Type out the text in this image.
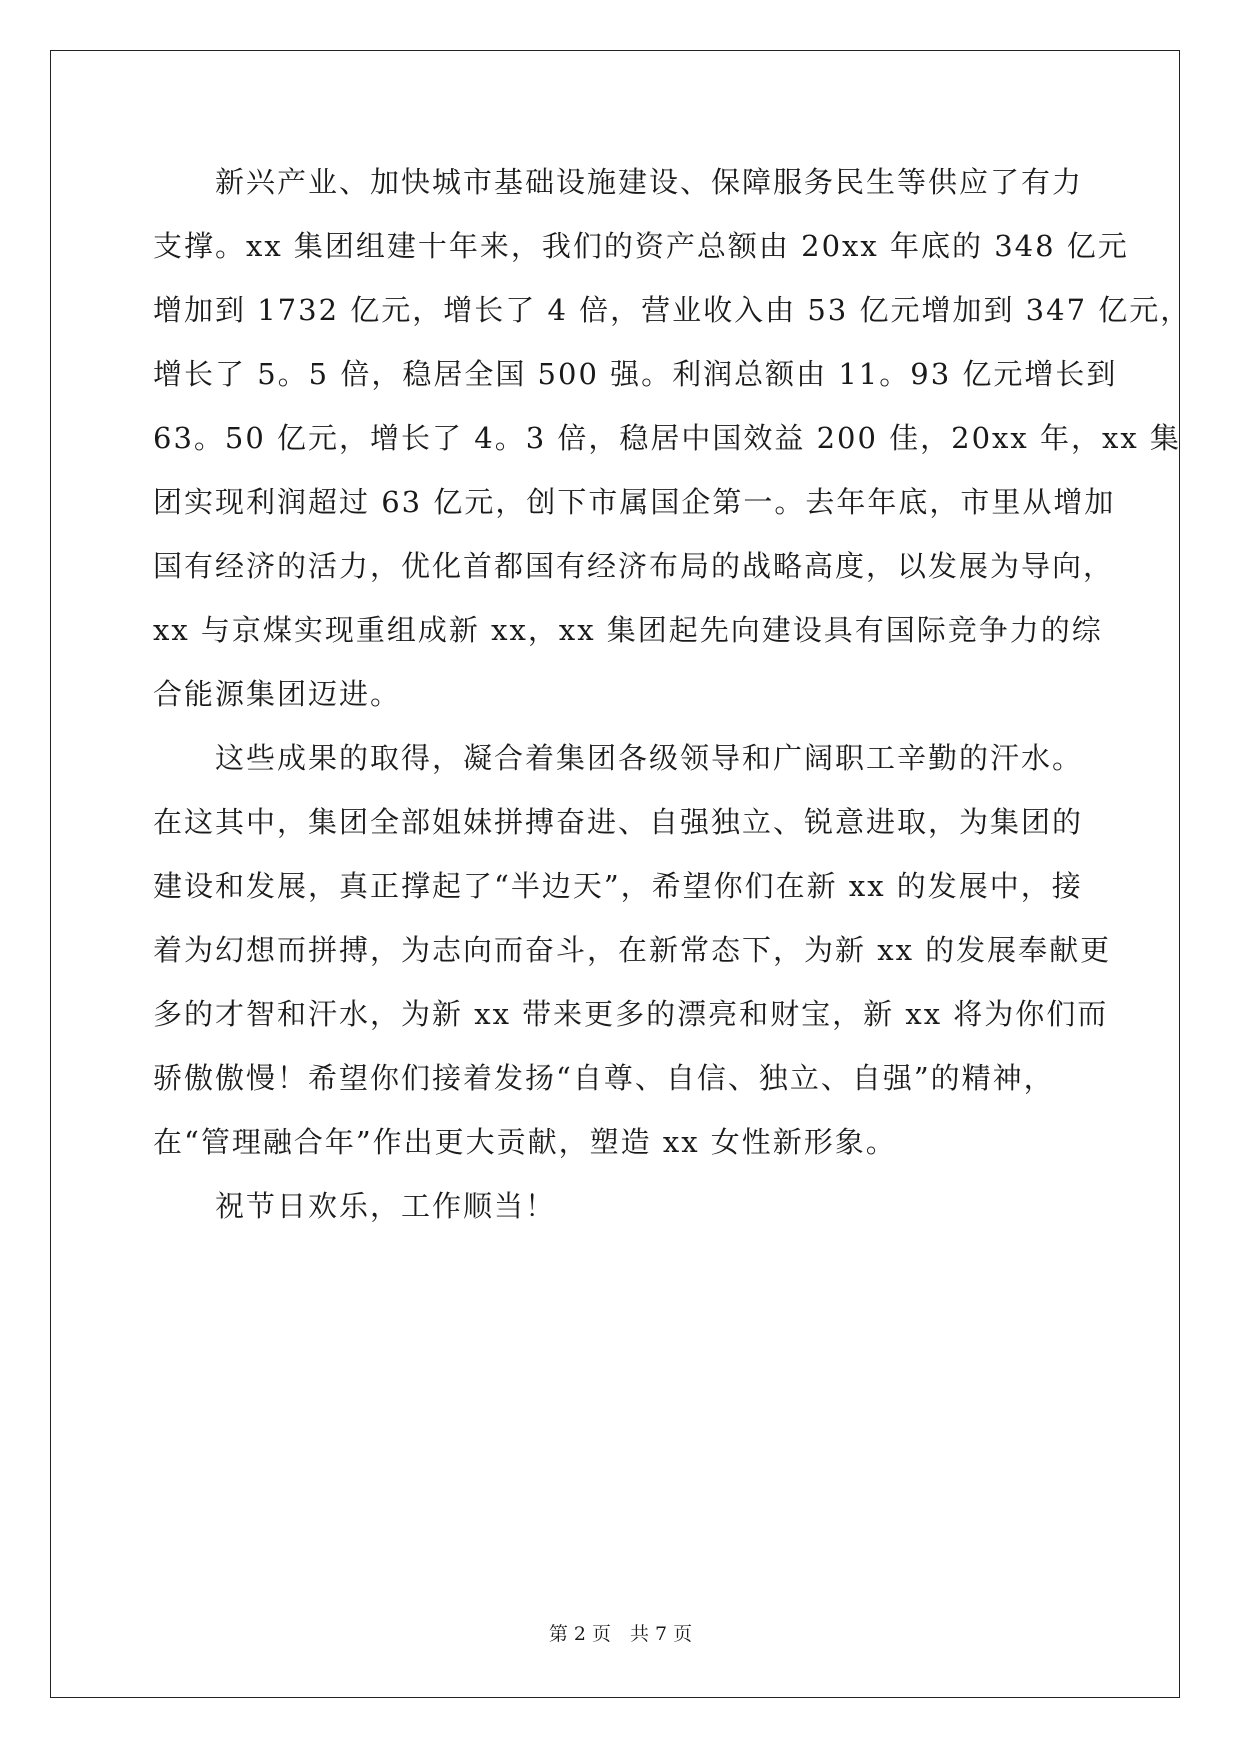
　　新兴产业、加快城市基础设施建设、保障服务民生等供应了有力
支撑。xx 集团组建十年来，我们的资产总额由 20xx 年底的 348 亿元
增加到 1732 亿元，增长了 4 倍，营业收入由 53 亿元增加到 347 亿元，
增长了 5。5 倍，稳居全国 500 强。利润总额由 11。93 亿元增长到
63。50 亿元，增长了 4。3 倍，稳居中国效益 200 佳，20xx 年，xx 集
团实现利润超过 63 亿元，创下市属国企第一。去年年底，市里从增加
国有经济的活力，优化首都国有经济布局的战略高度，以发展为导向，
xx 与京煤实现重组成新 xx，xx 集团起先向建设具有国际竞争力的综
合能源集团迈进。
　　这些成果的取得，凝合着集团各级领导和广阔职工辛勤的汗水。
在这其中，集团全部姐妹拼搏奋进、自强独立、锐意进取，为集团的
建设和发展，真正撑起了“半边天”，希望你们在新 xx 的发展中，接
着为幻想而拼搏，为志向而奋斗，在新常态下，为新 xx 的发展奉献更
多的才智和汗水，为新 xx 带来更多的漂亮和财宝，新 xx 将为你们而
骄傲傲慢！希望你们接着发扬“自尊、自信、独立、自强”的精神，
在“管理融合年”作出更大贡献，塑造 xx 女性新形象。
　　祝节日欢乐，工作顺当！
第 2 页　共 7 页
